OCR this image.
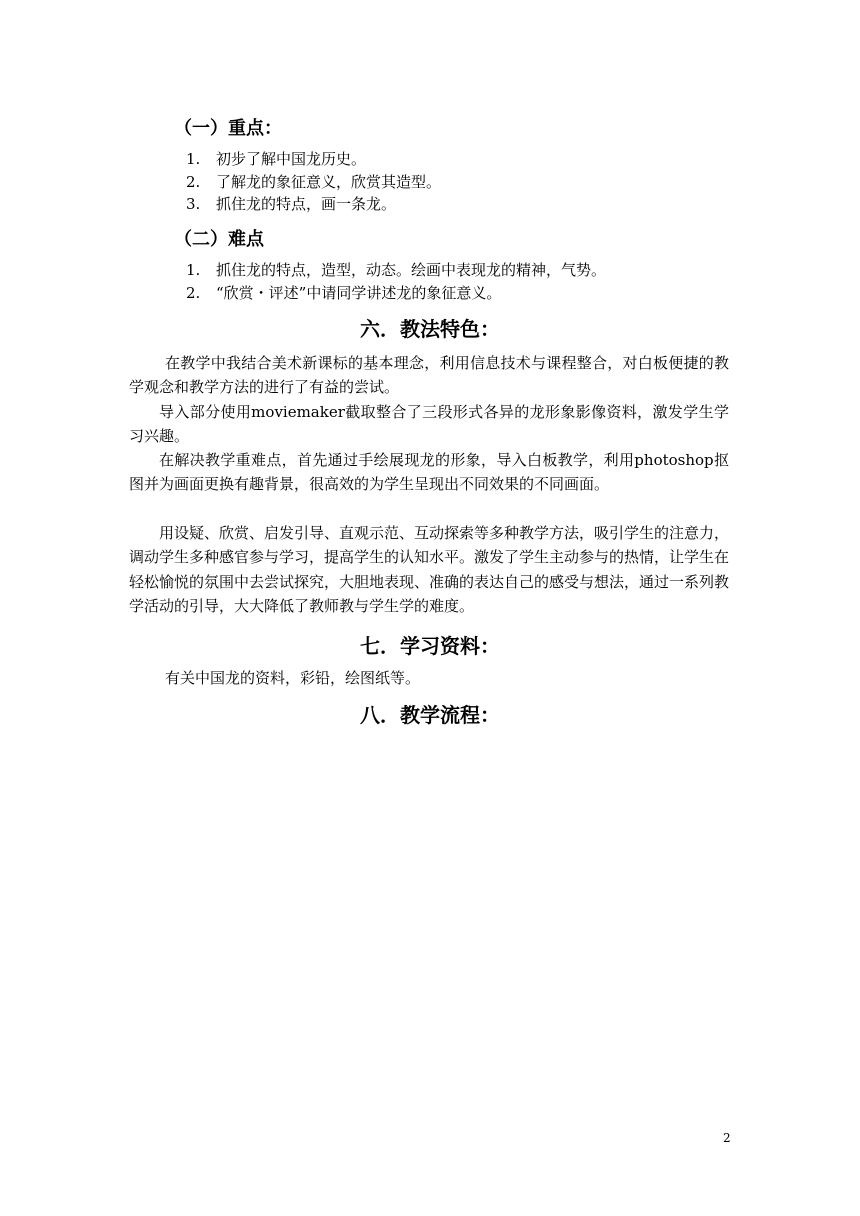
（一）重点：
1. 初步了解中国龙历史。
2. 了解龙的象征意义，欣赏其造型。
3. 抓住龙的特点，画一条龙。
（二）难点
1. 抓住龙的特点，造型，动态。绘画中表现龙的精神，气势。
2. “欣赏・评述”中请同学讲述龙的象征意义。
六．教法特色：

在教学中我结合美术新课标的基本理念，利用信息技术与课程整合，对白板便捷的教学观念和教学方法的进行了有益的尝试。

导入部分使用moviemaker截取整合了三段形式各异的龙形象影像资料，激发学生学习兴趣。

在解决教学重难点，首先通过手绘展现龙的形象，导入白板教学，利用photoshop抠图并为画面更换有趣背景，很高效的为学生呈现出不同效果的不同画面。

用设疑、欣赏、启发引导、直观示范、互动探索等多种教学方法，吸引学生的注意力，调动学生多种感官参与学习，提高学生的认知水平。激发了学生主动参与的热情，让学生在轻松愉悦的氛围中去尝试探究，大胆地表现、准确的表达自己的感受与想法，通过一系列教学活动的引导，大大降低了教师教与学生学的难度。

七．学习资料：

有关中国龙的资料，彩铅，绘图纸等。

八．教学流程：
2
